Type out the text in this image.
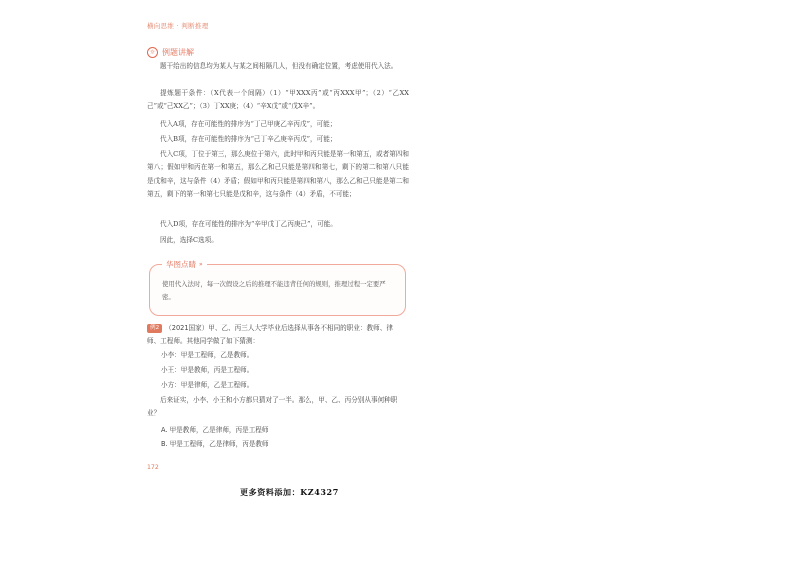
横向思维 · 判断推理
☼ 例题讲解

题干给出的信息均为某人与某之间相隔几人，但没有确定位置，考虑使用代入法。

提炼题干条件：（X代表一个间隔）（1）“甲XXX丙”或“丙XXX甲”；（2）“乙XX己”或“己XX乙”；（3）丁XX庚；（4）“辛X戊”或“戊X辛”。

代入A项，存在可能性的排序为“丁己甲庚乙辛丙戊”，可能；

代入B项，存在可能性的排序为“己丁辛乙庚辛丙戊”，可能；

代入C项，丁位于第三，那么庚位于第六，此时甲和丙只能是第一和第五，或者第四和第八；假如甲和丙在第一和第五，那么乙和己只能是第四和第七，剩下的第二和第八只能是戊和辛，这与条件（4）矛盾；假如甲和丙只能是第四和第八，那么乙和己只能是第二和第五，剩下的第一和第七只能是戊和辛，这与条件（4）矛盾，不可能；

代入D项，存在可能性的排序为“辛甲戊丁乙丙庚己”，可能。

因此，选择C选项。

华图点睛 »

使用代入法时，每一次假设之后的推理不能违背任何的规则，推理过程一定要严密。

例2 （2021国家）甲、乙、丙三人大学毕业后选择从事各不相同的职业：教师、律师、工程师。其他同学做了如下猜测：

小李：甲是工程师，乙是教师。

小王：甲是教师，丙是工程师。

小方：甲是律师，乙是工程师。

后来证实，小李、小王和小方都只猜对了一半。那么，甲、乙、丙分别从事何种职业？

A. 甲是教师，乙是律师，丙是工程师
B. 甲是工程师，乙是律师，丙是教师
172
更多资料添加：KZ4327
